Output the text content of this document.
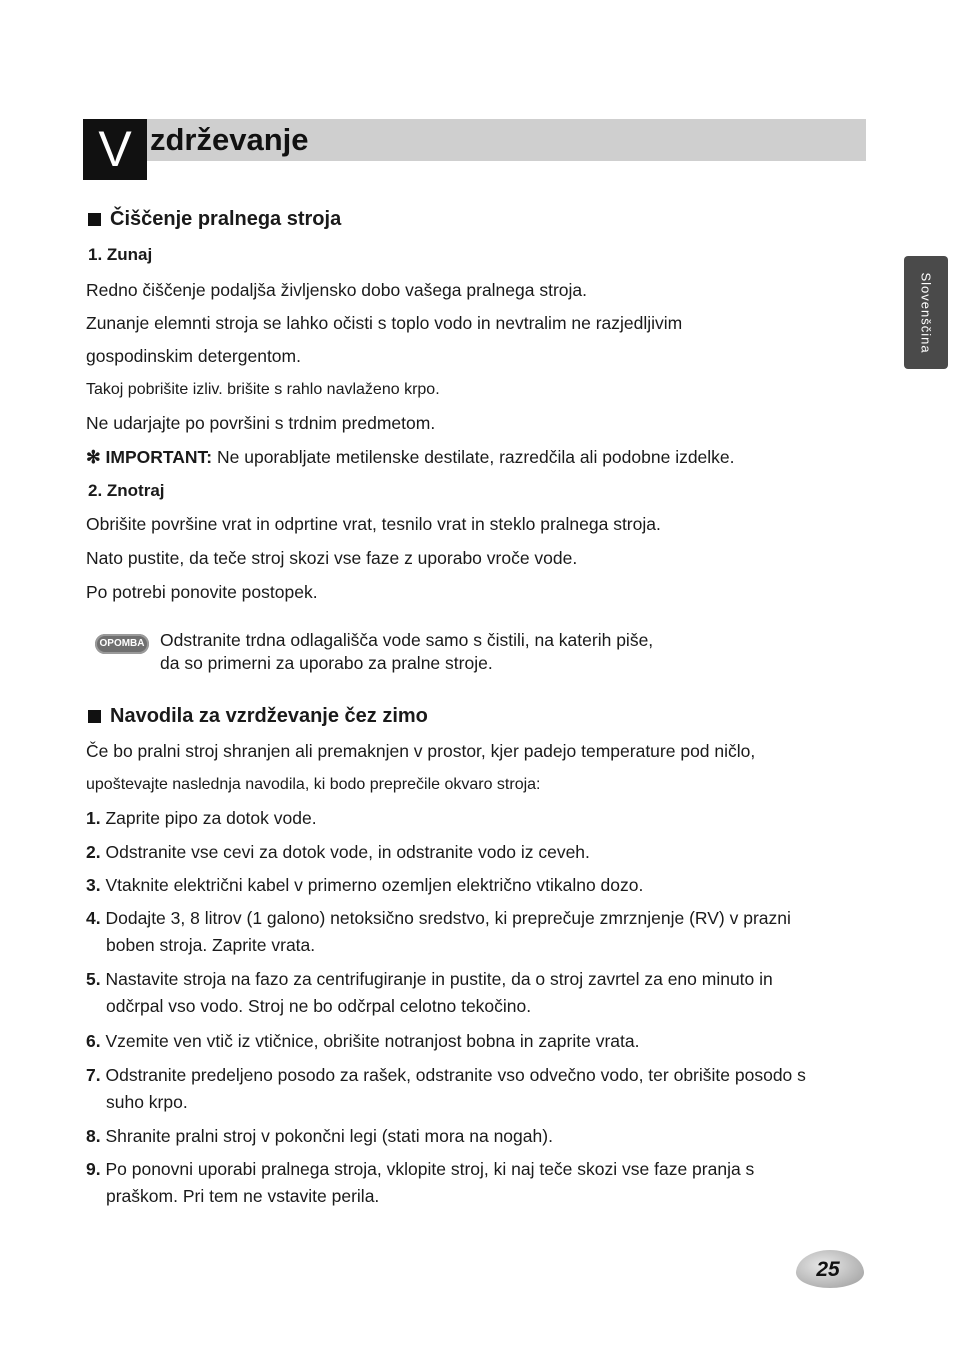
V zdrževanje
Slovenščina
Čiščenje pralnega stroja
1. Zunaj
Redno čiščenje podaljša življensko dobo vašega pralnega stroja.
Zunanje elemnti stroja se lahko očisti s toplo vodo in nevtralim ne razjedljivim
gospodinskim detergentom.
Takoj pobrišite izliv. brišite s rahlo navlaženo krpo.
Ne udarjajte po površini s trdnim predmetom.
✻ IMPORTANT: Ne uporabljate metilenske destilate, razredčila ali podobne izdelke.
2. Znotraj
Obrišite površine vrat in odprtine vrat, tesnilo vrat in steklo pralnega stroja.
Nato pustite, da teče stroj skozi vse faze z uporabo vroče vode.
Po potrebi ponovite postopek.
OPOMBA Odstranite trdna odlagališča vode samo s čistili, na katerih piše,
da so primerni za uporabo za pralne stroje.
Navodila za vzrdževanje čez zimo
Če bo pralni stroj shranjen ali premaknjen v prostor, kjer padejo temperature pod ničlo,
upoštevajte naslednja navodila, ki bodo preprečile okvaro stroja:
1. Zaprite pipo za dotok vode.
2. Odstranite vse cevi za dotok vode, in odstranite vodo iz ceveh.
3. Vtaknite električni kabel v primerno ozemljen električno vtikalno dozo.
4. Dodajte 3, 8 litrov (1 galono) netoksično sredstvo, ki preprečuje zmrznjenje (RV) v prazni
boben stroja. Zaprite vrata.
5. Nastavite stroja na fazo za centrifugiranje in pustite, da o stroj zavrtel za eno minuto in
odčrpal vso vodo. Stroj ne bo odčrpal celotno tekočino.
6. Vzemite ven vtič iz vtičnice, obrišite notranjost bobna in zaprite vrata.
7. Odstranite predeljeno posodo za rašek, odstranite vso odvečno vodo, ter obrišite posodo s
suho krpo.
8. Shranite pralni stroj v pokončni legi (stati mora na nogah).
9. Po ponovni uporabi pralnega stroja, vklopite stroj, ki naj teče skozi vse faze pranja s
praškom. Pri tem ne vstavite perila.
25
